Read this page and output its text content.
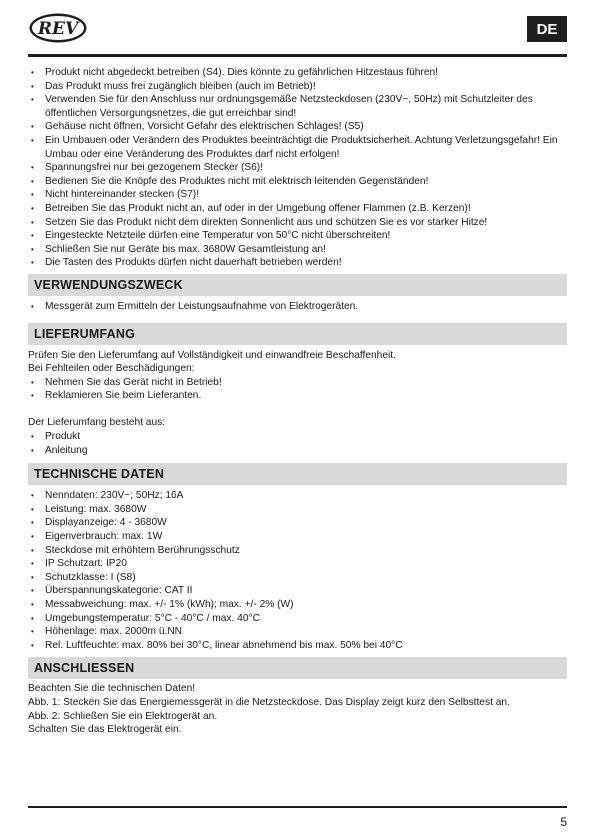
REV	DE
• Produkt nicht abgedeckt betreiben (S4). Dies könnte zu gefährlichen Hitzestaus führen!
• Das Produkt muss frei zugänglich bleiben (auch im Betrieb)!
• Verwenden Sie für den Anschluss nur ordnungsgemäße Netzsteckdosen (230V~, 50Hz) mit Schutzleiter des öffentlichen Versorgungsnetzes, die gut erreichbar sind!
• Gehäuse nicht öffnen, Vorsicht Gefahr des elektrischen Schlages! (S5)
• Ein Umbauen oder Verändern des Produktes beeinträchtigt die Produktsicherheit. Achtung Verletzungsgefahr! Ein Umbau oder eine Veränderung des Produktes darf nicht erfolgen!
• Spannungsfrei nur bei gezogenem Stecker (S6)!
• Bedienen Sie die Knöpfe des Produktes nicht mit elektrisch leitenden Gegenständen!
• Nicht hintereinander stecken (S7)!
• Betreiben Sie das Produkt nicht an, auf oder in der Umgebung offener Flammen (z.B. Kerzen)!
• Setzen Sie das Produkt nicht dem direkten Sonnenlicht aus und schützen Sie es vor starker Hitze!
• Eingesteckte Netzteile dürfen eine Temperatur von 50°C nicht überschreiten!
• Schließen Sie nur Geräte bis max. 3680W Gesamtleistung an!
• Die Tasten des Produkts dürfen nicht dauerhaft betrieben werden!
VERWENDUNGSZWECK
• Messgerät zum Ermitteln der Leistungsaufnahme von Elektrogeräten.
LIEFERUMFANG
Prüfen Sie den Lieferumfang auf Vollständigkeit und einwandfreie Beschaffenheit.
Bei Fehlteilen oder Beschädigungen:
• Nehmen Sie das Gerät nicht in Betrieb!
• Reklamieren Sie beim Lieferanten.
Der Lieferumfang besteht aus:
• Produkt
• Anleitung
TECHNISCHE DATEN
• Nenndaten: 230V~; 50Hz; 16A
• Leistung: max. 3680W
• Displayanzeige: 4 - 3680W
• Eigenverbrauch: max. 1W
• Steckdose mit erhöhtem Berührungsschutz
• IP Schutzart: IP20
• Schutzklasse: I (S8)
• Überspannungskategorie: CAT II
• Messabweichung: max. +/- 1% (kWh); max. +/- 2% (W)
• Umgebungstemperatur: 5°C - 40°C / max. 40°C
• Höhenlage: max. 2000m ü.NN
• Rel. Luftfeuchte: max. 80% bei 30°C, linear abnehmend bis max. 50% bei 40°C
ANSCHLIESSEN
Beachten Sie die technischen Daten!
Abb. 1: Stecken Sie das Energiemessgerät in die Netzsteckdose. Das Display zeigt kurz den Selbsttest an.
Abb. 2: Schließen Sie ein Elektrogerät an.
Schalten Sie das Elektrogerät ein.
5
